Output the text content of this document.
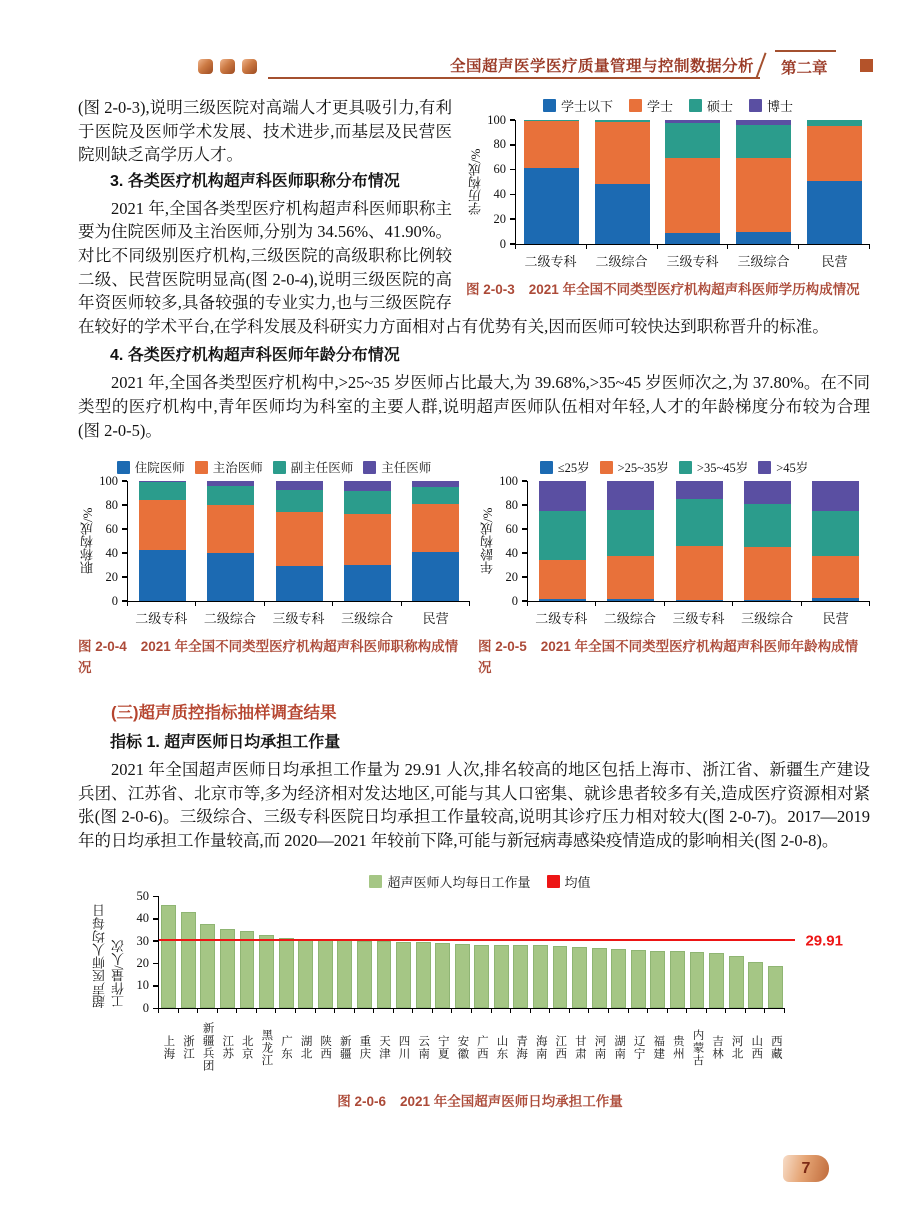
全国超声医学医疗质量管理与控制数据分析	第二章
学士以下	学士	硕士	博士
学历构成/%
0
20
40
60
80
100
二级专科	二级综合	三级专科	三级综合	民营
图 2-0-3 2021 年全国不同类型医疗机构超声科医师学历构成情况

(图 2-0-3),说明三级医院对高端人才更具吸引力,有利于医院及医师学术发展、技术进步,而基层及民营医院则缺乏高学历人才。

3. 各类医疗机构超声科医师职称分布情况

2021 年,全国各类型医疗机构超声科医师职称主要为住院医师及主治医师,分别为 34.56%、41.90%。对比不同级别医疗机构,三级医院的高级职称比例较二级、民营医院明显高(图 2-0-4),说明三级医院的高年资医师较多,具备较强的专业实力,也与三级医院存在较好的学术平台,在学科发展及科研实力方面相对占有优势有关,因而医师可较快达到职称晋升的标准。

4. 各类医疗机构超声科医师年龄分布情况

2021 年,全国各类型医疗机构中,>25~35 岁医师占比最大,为 39.68%,>35~45 岁医师次之,为 37.80%。在不同类型的医疗机构中,青年医师均为科室的主要人群,说明超声医师队伍相对年轻,人才的年龄梯度分布较为合理(图 2-0-5)。

住院医师 主治医师 副主任医师 主任医师
职称构成/%
0
20
40
60
80
100
二级专科	二级综合	三级专科	三级综合	民营
图 2-0-4 2021 年全国不同类型医疗机构超声科医师职称构成情况
≤25岁 >25~35岁 >35~45岁 >45岁
年龄构成/%
0
20
40
60
80
100
二级专科	二级综合	三级专科	三级综合	民营
图 2-0-5 2021 年全国不同类型医疗机构超声科医师年龄构成情况

(三)超声质控指标抽样调查结果

指标 1. 超声医师日均承担工作量

2021 年全国超声医师日均承担工作量为 29.91 人次,排名较高的地区包括上海市、浙江省、新疆生产建设兵团、江苏省、北京市等,多为经济相对发达地区,可能与其人口密集、就诊患者较多有关,造成医疗资源相对紧张(图 2-0-6)。三级综合、三级专科医院日均承担工作量较高,说明其诊疗压力相对较大(图 2-0-7)。2017—2019 年的日均承担工作量较高,而 2020—2021 年较前下降,可能与新冠病毒感染疫情造成的影响相关(图 2-0-8)。

超声医师人均每日工作量	均值
超声医师人均每日工作量/人次 0
10
20
30
40
50
29.91
上海 浙江 新疆兵团 江苏 北京 黑龙江 广东 湖北 陕西 新疆 重庆 天津 四川 云南 宁夏 安徽 广西 山东 青海 海南 江西 甘肃 河南 湖南 辽宁 福建 贵州 内蒙古 吉林 河北 山西 西藏
图 2-0-6 2021 年全国超声医师日均承担工作量
7
